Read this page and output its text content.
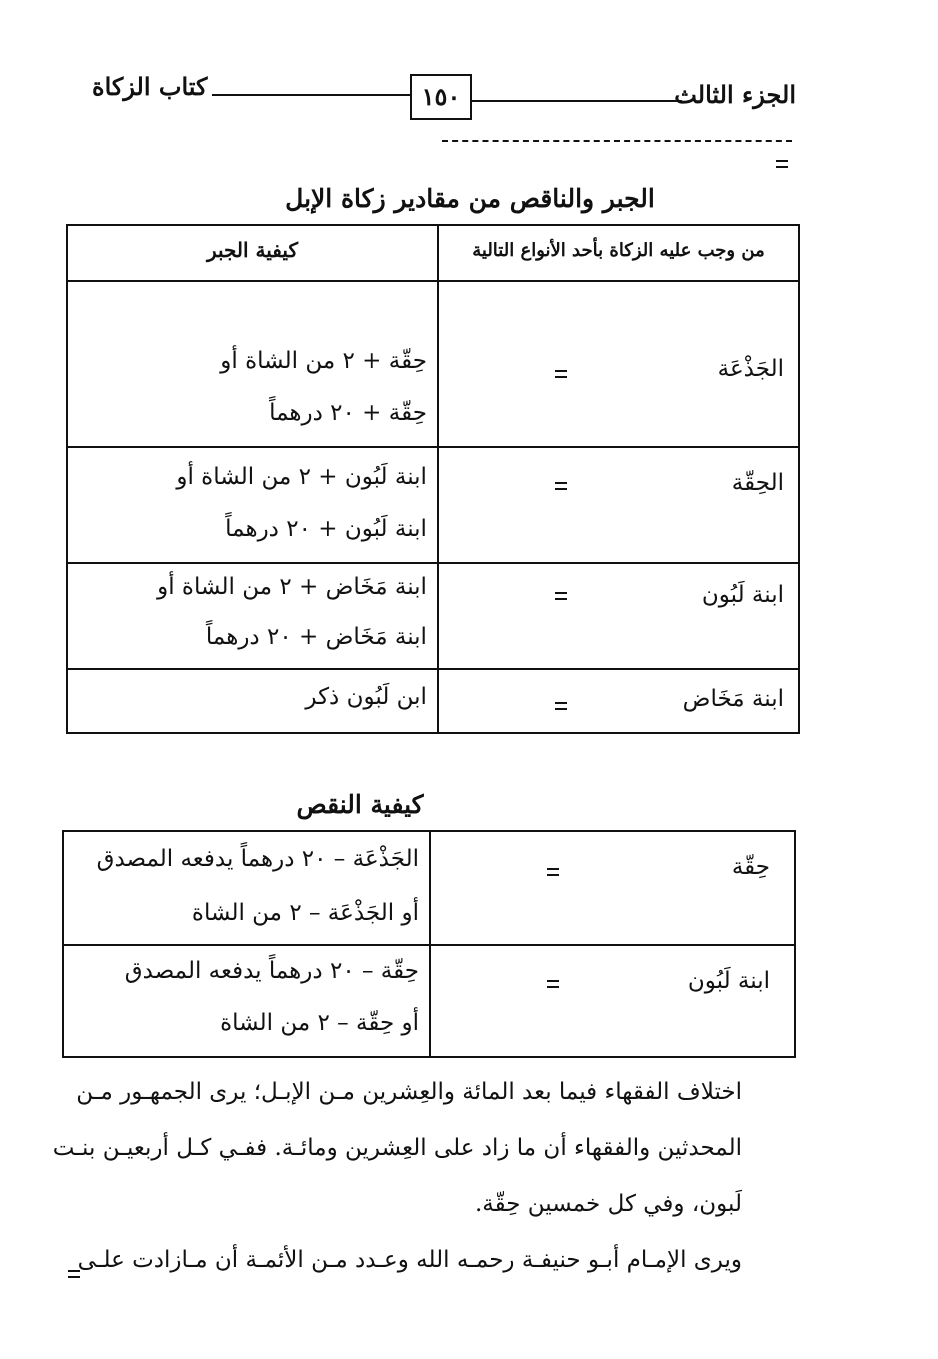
الجزء الثالث
١٥٠
كتاب الزكاة
الجبر والناقص من مقادير زكاة الإبل
من وجب عليه الزكاة بأحد الأنواع التالية	كيفية الجبر

الجَذْعَة	حِقّة + ٢ من الشاة أو
حِقّة + ٢٠ درهماً

الحِقّة	ابنة لَبُون + ٢ من الشاة أو
ابنة لَبُون + ٢٠ درهماً

ابنة لَبُون	ابنة مَخَاض + ٢ من الشاة أو
ابنة مَخَاض + ٢٠ درهماً

ابنة مَخَاض	ابن لَبُون ذكر
كيفية النقص
حِقّة	الجَذْعَة – ٢٠ درهماً يدفعه المصدق
أو الجَذْعَة – ٢ من الشاة

ابنة لَبُون	حِقّة – ٢٠ درهماً يدفعه المصدق
أو حِقّة – ٢ من الشاة
اختلاف الفقهاء فيما بعد المائة والعِشرين مـن الإبـل؛ يرى الجمهـور مـن
المحدثين والفقهاء أن ما زاد على العِشرين ومائـة. ففـي كـل أربعيـن بنـت
لَبون، وفي كل خمسين حِقّة.
ويرى الإمـام أبـو حنيفـة رحمـه الله وعـدد مـن الأئمـة أن مـازادت علـى
